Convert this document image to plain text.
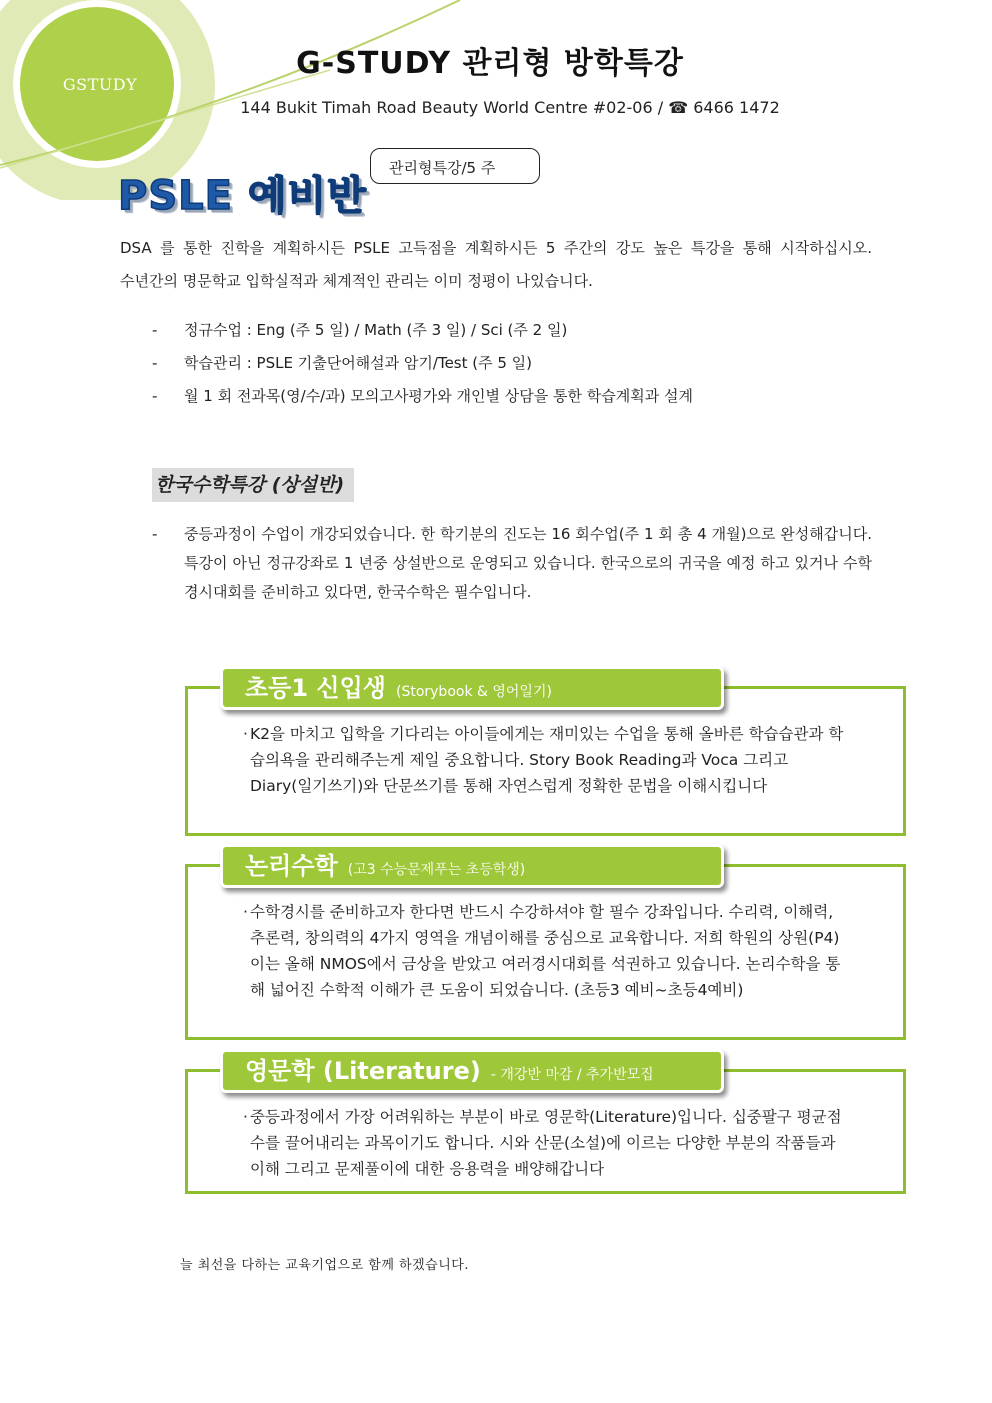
GSTUDY
G-STUDY 관리형 방학특강
144 Bukit Timah Road Beauty World Centre #02-06 / ☎ 6466 1472
PSLE 예비반
관리형특강/5 주
DSA 를 통한 진학을 계획하시든 PSLE 고득점을 계획하시든 5 주간의 강도 높은 특강을 통해 시작하십시오. 수년간의 명문학교 입학실적과 체계적인 관리는 이미 정평이 나있습니다.
- 정규수업 : Eng (주 5 일) / Math (주 3 일) / Sci (주 2 일)
- 학습관리 : PSLE 기출단어해설과 암기/Test (주 5 일)
- 월 1 회 전과목(영/수/과) 모의고사평가와 개인별 상담을 통한 학습계획과 설계
한국수학특강 (상설반)
- 중등과정이 수업이 개강되었습니다. 한 학기분의 진도는 16 회수업(주 1 회 총 4 개월)으로 완성해갑니다. 특강이 아닌 정규강좌로 1 년중 상설반으로 운영되고 있습니다. 한국으로의 귀국을 예정 하고 있거나 수학경시대회를 준비하고 있다면, 한국수학은 필수입니다.
초등1 신입생 (Storybook & 영어일기)
· K2을 마치고 입학을 기다리는 아이들에게는 재미있는 수업을 통해 올바른 학습습관과 학습의욕을 관리해주는게 제일 중요합니다. Story Book Reading과 Voca 그리고 Diary(일기쓰기)와 단문쓰기를 통해 자연스럽게 정확한 문법을 이해시킵니다
논리수학 (고3 수능문제푸는 초등학생)
· 수학경시를 준비하고자 한다면 반드시 수강하셔야 할 필수 강좌입니다. 수리력, 이해력, 추론력, 창의력의 4가지 영역을 개념이해를 중심으로 교육합니다. 저희 학원의 상원(P4)이는 올해 NMOS에서 금상을 받았고 여러경시대회를 석권하고 있습니다. 논리수학을 통해 넓어진 수학적 이해가 큰 도움이 되었습니다. (초등3 예비~초등4예비)
영문학 (Literature) - 개강반 마감 / 추가반모집
· 중등과정에서 가장 어려워하는 부분이 바로 영문학(Literature)입니다. 십중팔구 평균점수를 끌어내리는 과목이기도 합니다. 시와 산문(소설)에 이르는 다양한 부분의 작품들과 이해 그리고 문제풀이에 대한 응용력을 배양해갑니다
늘 최선을 다하는 교육기업으로 함께 하겠습니다.
